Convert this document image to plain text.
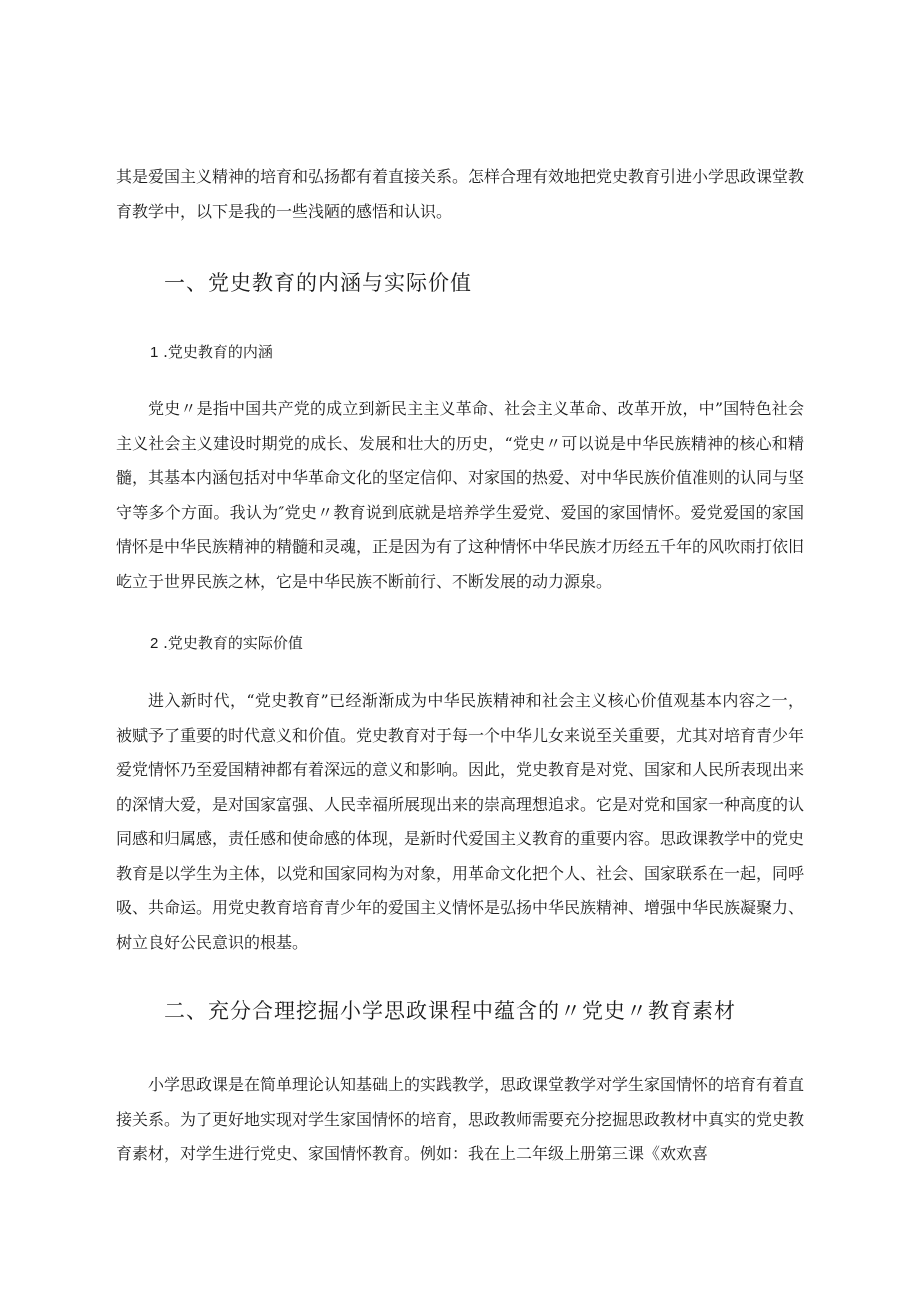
其是爱国主义精神的培育和弘扬都有着直接关系。怎样合理有效地把党史教育引进小学思政课堂教育教学中，以下是我的一些浅陋的感悟和认识。

一、党史教育的内涵与实际价值
1 .党史教育的内涵

党史〃是指中国共产党的成立到新民主主义革命、社会主义革命、改革开放，中”国特色社会主义社会主义建设时期党的成长、发展和壮大的历史，“党史〃可以说是中华民族精神的核心和精髓，其基本内涵包括对中华革命文化的坚定信仰、对家国的热爱、对中华民族价值准则的认同与坚守等多个方面。我认为″党史〃教育说到底就是培养学生爱党、爱国的家国情怀。爱党爱国的家国情怀是中华民族精神的精髓和灵魂，正是因为有了这种情怀中华民族才历经五千年的风吹雨打依旧屹立于世界民族之林，它是中华民族不断前行、不断发展的动力源泉。

2 .党史教育的实际价值

进入新时代，“党史教育”已经渐渐成为中华民族精神和社会主义核心价值观基本内容之一，被赋予了重要的时代意义和价值。党史教育对于每一个中华儿女来说至关重要，尤其对培育青少年爱党情怀乃至爱国精神都有着深远的意义和影响。因此，党史教育是对党、国家和人民所表现出来的深情大爱，是对国家富强、人民幸福所展现出来的崇高理想追求。它是对党和国家一种高度的认同感和归属感，责任感和使命感的体现，是新时代爱国主义教育的重要内容。思政课教学中的党史教育是以学生为主体，以党和国家同构为对象，用革命文化把个人、社会、国家联系在一起，同呼吸、共命运。用党史教育培育青少年的爱国主义情怀是弘扬中华民族精神、增强中华民族凝聚力、树立良好公民意识的根基。

二、充分合理挖掘小学思政课程中蕴含的〃党史〃教育素材

小学思政课是在简单理论认知基础上的实践教学，思政课堂教学对学生家国情怀的培育有着直接关系。为了更好地实现对学生家国情怀的培育，思政教师需要充分挖掘思政教材中真实的党史教育素材，对学生进行党史、家国情怀教育。例如：我在上二年级上册第三课《欢欢喜
